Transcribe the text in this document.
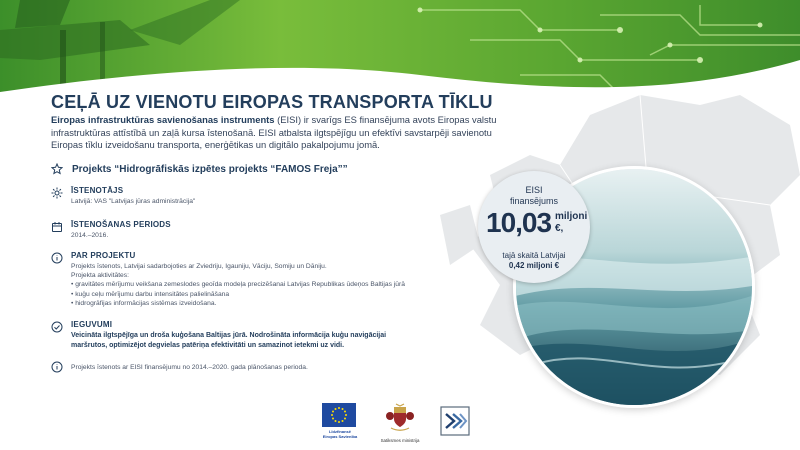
EISI
finansējums
10,03 miljoni
€,
tajā skaitā Latvijai
0,42 miljoni €
CEĻĀ UZ VIENOTU EIROPAS TRANSPORTA TĪKLU
Eiropas infrastruktūras savienošanas instruments (EISI) ir svarīgs ES finansējuma avots Eiropas valstu infrastruktūras attīstībā un zaļā kursa īstenošanā. EISI atbalsta ilgtspējīgu un efektīvi savstarpēji savienotu Eiropas tīklu izveidošanu transporta, enerģētikas un digitālo pakalpojumu jomā.
Projekts “Hidrogrāfiskās izpētes projekts “FAMOS Freja””
ĪSTENOTĀJS
Latvijā: VAS "Latvijas jūras administrācija"
ĪSTENOŠANAS PERIODS
2014.–2016.
PAR PROJEKTU
Projekts īstenots, Latvijai sadarbojoties ar Zviedriju, Igauniju, Vāciju, Somiju un Dāniju.
Projekta aktivitātes:
• gravitātes mērījumu veikšana zemeslodes geoīda modeļa precizēšanai Latvijas Republikas ūdeņos Baltijas jūrā
• kuģu ceļu mērījumu darbu intensitātes palielināšana
• hidrogrāfijas informācijas sistēmas izveidošana.
IEGUVUMI
Veicināta ilgtspējīga un droša kuģošana Baltijas jūrā. Nodrošināta informācija kuģu navigācijai
maršrutos, optimizējot degvielas patēriņa efektivitāti un samazinot ietekmi uz vidi.
Projekts īstenots ar EISI finansējumu no 2014.–2020. gada plānošanas perioda.
Līdzfinansē
Eiropas Savienība
Satiksmes ministrija
